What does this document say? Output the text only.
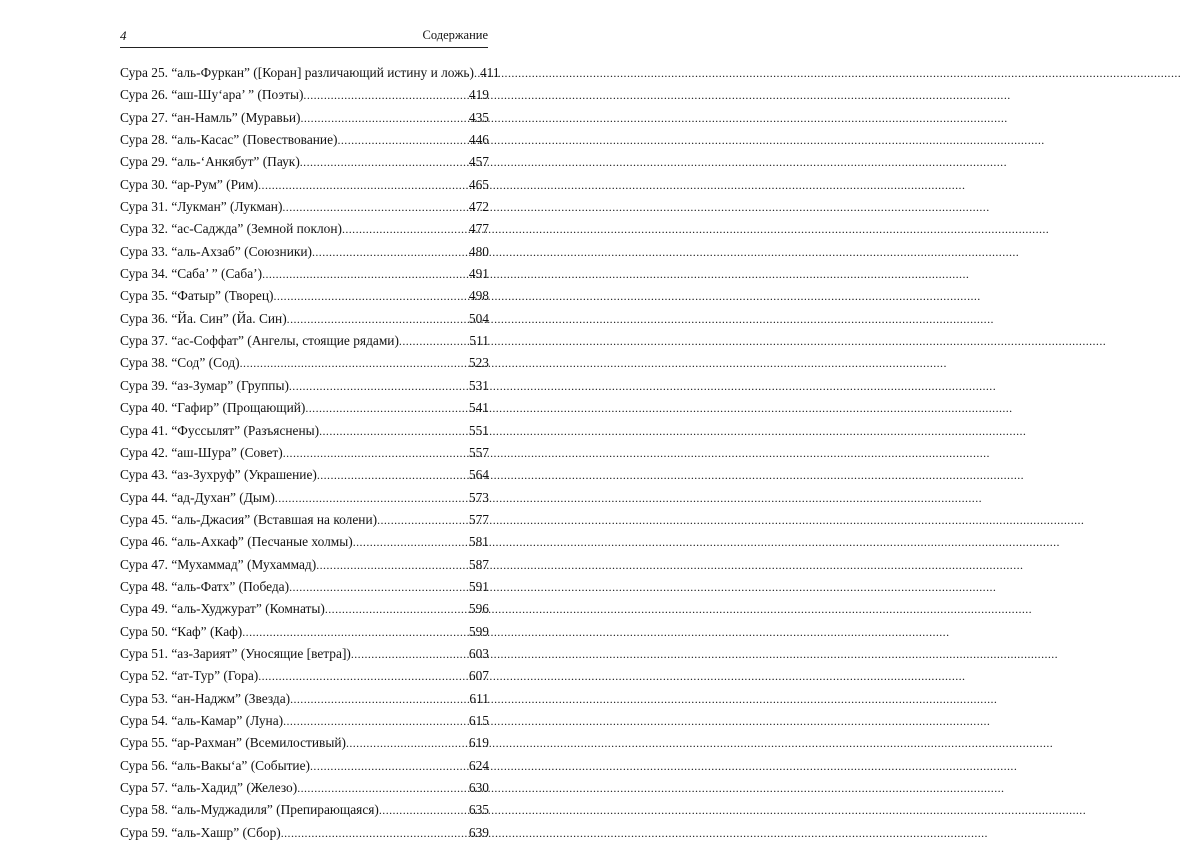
4	Содержание
Сура 25. “аль-Фуркан” ([Коран] различающий истину и ложь) ..... 411
Сура 26. “аш-Шу‘ара’ ” (Поэты) .....	419
Сура 27. “ан-Намль” (Муравьи) .....	435
Сура 28. “аль-Касас” (Повествование) .....	446
Сура 29. “аль-‘Анкябут” (Паук) .....	457
Сура 30. “ар-Рум” (Рим) .....	465
Сура 31. “Лукман” (Лукман) .....	472
Сура 32. “ас-Саджда” (Земной поклон) .....	477
Сура 33. “аль-Ахзаб” (Союзники) .....	480
Сура 34. “Саба’ ” (Саба’) .....	491
Сура 35. “Фатыр” (Творец) .....	498
Сура 36. “Йа. Син” (Йа. Син) .....	504
Сура 37. “ас-Соффат” (Ангелы, стоящие рядами) .....	511
Сура 38. “Сод” (Сод) .....	523
Сура 39. “аз-Зумар” (Группы) .....	531
Сура 40. “Гафир” (Прощающий) .....	541
Сура 41. “Фуссылят” (Разъяснены) .....	551
Сура 42. “аш-Шура” (Совет) .....	557
Сура 43. “аз-Зухруф” (Украшение) .....	564
Сура 44. “ад-Духан” (Дым) .....	573
Сура 45. “аль-Джасия” (Вставшая на колени) .....	577
Сура 46. “аль-Ахкаф” (Песчаные холмы) .....	581
Сура 47. “Мухаммад” (Мухаммад) .....	587
Сура 48. “аль-Фатх” (Победа) .....	591
Сура 49. “аль-Худжурат” (Комнаты) .....	596
Сура 50. “Каф” (Каф) .....	599
Сура 51. “аз-Зарият” (Уносящие [ветра]) .....	603
Сура 52. “ат-Тур” (Гора) .....	607
Сура 53. “ан-Наджм” (Звезда) .....	611
Сура 54. “аль-Камар” (Луна) .....	615
Сура 55. “ар-Рахман” (Всемилостивый) .....	619
Сура 56. “аль-Вакы‘а” (Событие) .....	624
Сура 57. “аль-Хадид” (Железо) .....	630
Сура 58. “аль-Муджадиля” (Препирающаяся) .....	635
Сура 59. “аль-Хашр” (Сбор) .....	639
